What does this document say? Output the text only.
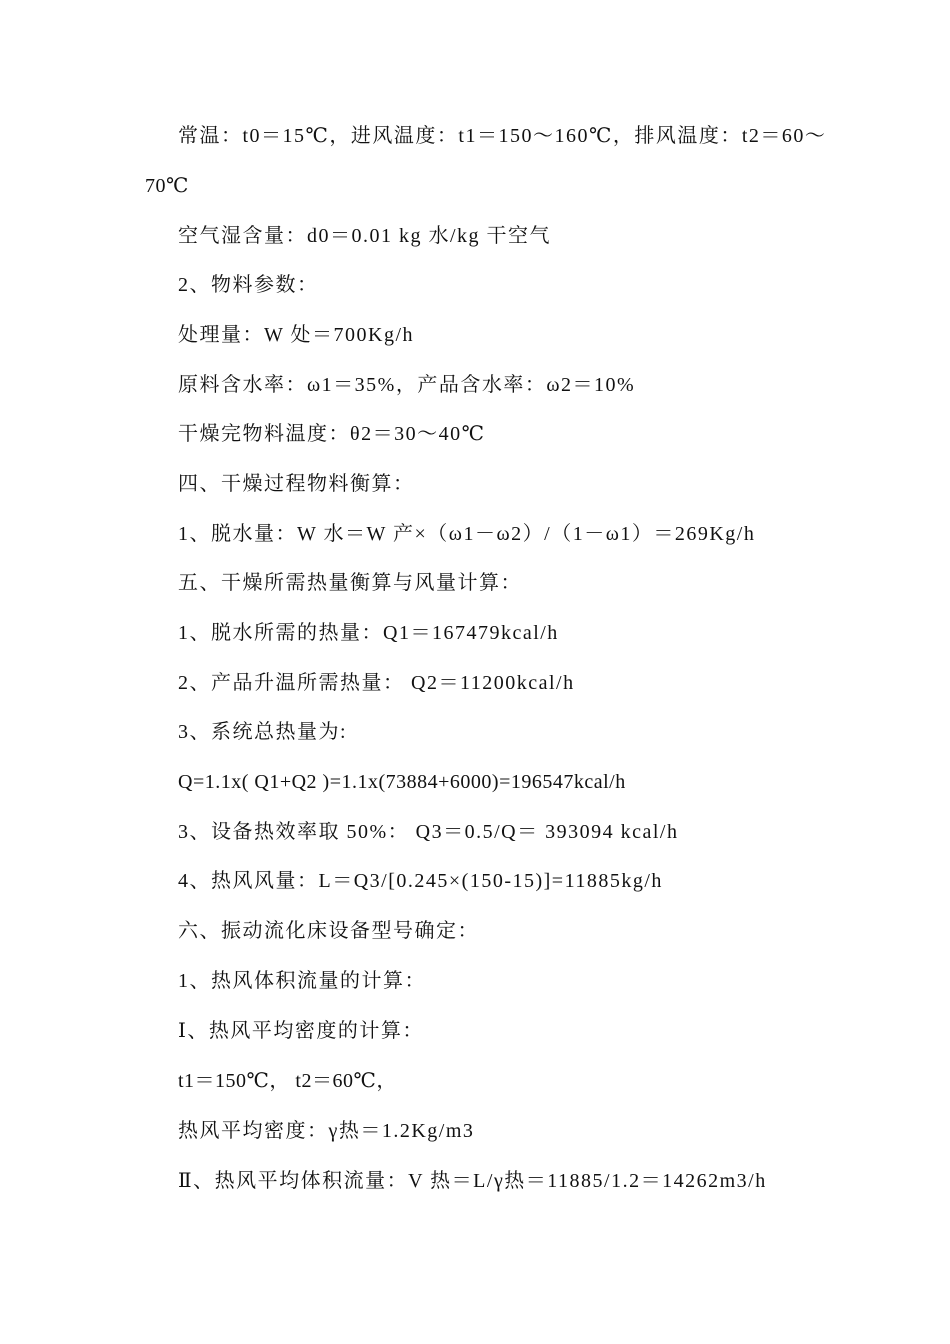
常温：t0＝15℃，进风温度：t1＝150～160℃，排风温度：t2＝60～
70℃
空气湿含量：d0＝0.01 kg 水/kg 干空气
2、物料参数：
处理量：W 处＝700Kg/h
原料含水率：ω1＝35%，产品含水率：ω2＝10%
干燥完物料温度：θ2＝30～40℃
四、干燥过程物料衡算：
1、脱水量：W 水＝W 产×（ω1－ω2）/（1－ω1）＝269Kg/h
五、干燥所需热量衡算与风量计算：
1、脱水所需的热量：Q1＝167479kcal/h
2、产品升温所需热量： Q2＝11200kcal/h
3、系统总热量为:
Q=1.1x( Q1+Q2 )=1.1x(73884+6000)=196547kcal/h
3、设备热效率取 50%： Q3＝0.5/Q＝ 393094 kcal/h
4、热风风量：L＝Q3/[0.245×(150-15)]=11885kg/h
六、振动流化床设备型号确定：
1、热风体积流量的计算：
Ⅰ、热风平均密度的计算：
t1＝150℃， t2＝60℃，
热风平均密度：γ热＝1.2Kg/m3
Ⅱ、热风平均体积流量：V 热＝L/γ热＝11885/1.2＝14262m3/h
